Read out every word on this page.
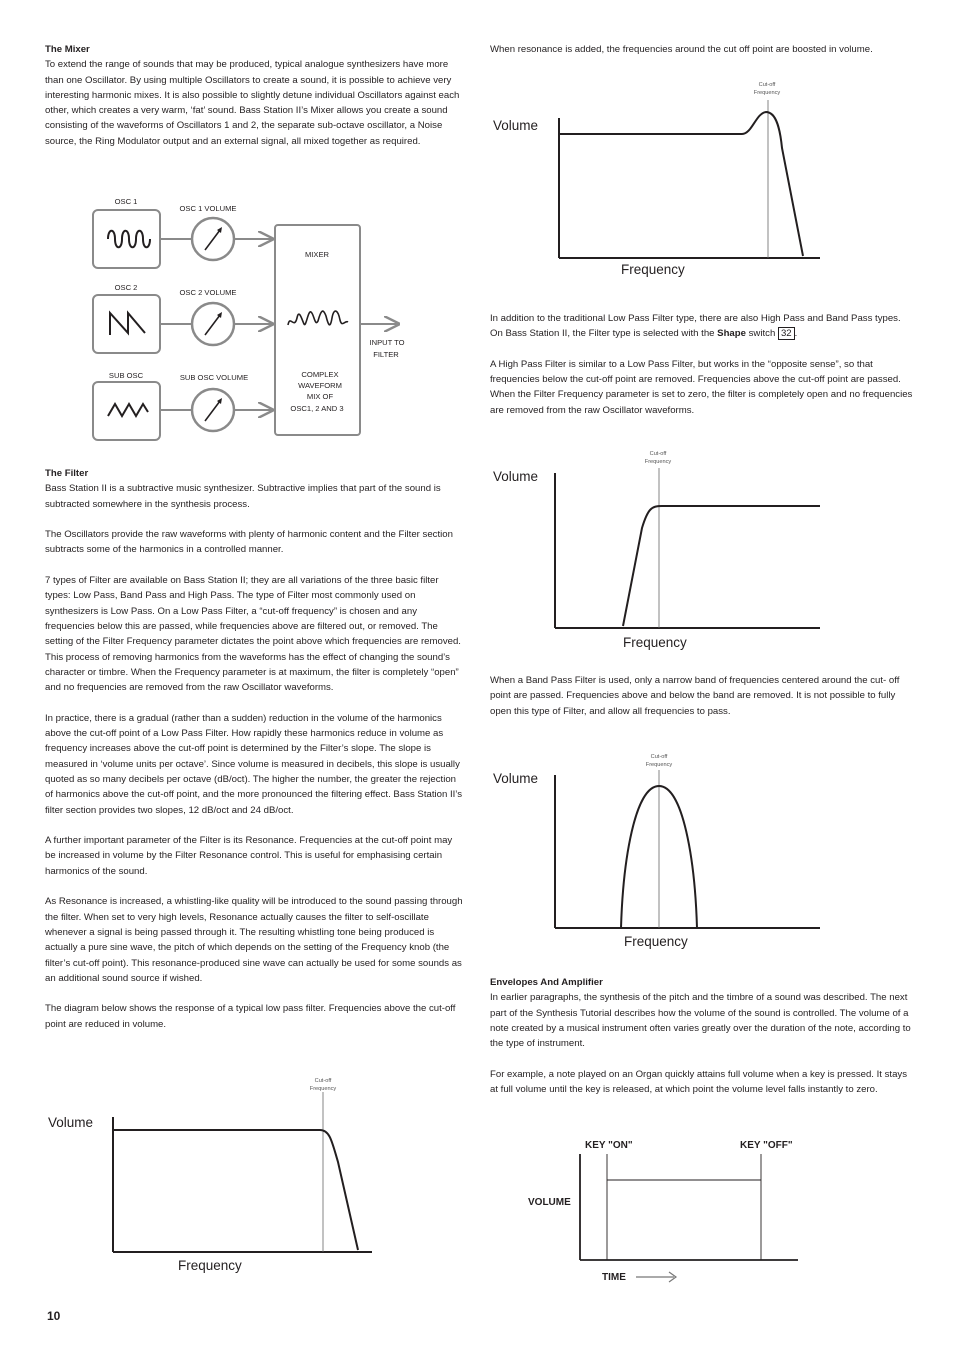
The Mixer

To extend the range of sounds that may be produced, typical analogue synthesizers have more than one Oscillator. By using multiple Oscillators to create a sound, it is possible to achieve very interesting harmonic mixes. It is also possible to slightly detune individual Oscillators against each other, which creates a very warm, ‘fat’ sound. Bass Station II’s Mixer allows you create a sound consisting of the waveforms of Oscillators 1 and 2, the separate sub-octave oscillator, a Noise source, the Ring Modulator output and an external signal, all mixed together as required.

OSC 1
OSC 1 VOLUME
OSC 2
OSC 2 VOLUME
SUB OSC	SUB OSC VOLUME
MIXER
COMPLEX
WAVEFORM
MIX OF
OSC1, 2 AND 3
INPUT TO
FILTER
The Filter

Bass Station II is a subtractive music synthesizer. Subtractive implies that part of the sound is subtracted somewhere in the synthesis process.

The Oscillators provide the raw waveforms with plenty of harmonic content and the Filter section subtracts some of the harmonics in a controlled manner.

7 types of Filter are available on Bass Station II; they are all variations of the three basic filter types: Low Pass, Band Pass and High Pass. The type of Filter most commonly used on synthesizers is Low Pass. On a Low Pass Filter, a “cut-off frequency” is chosen and any frequencies below this are passed, while frequencies above are filtered out, or removed. The setting of the Filter Frequency parameter dictates the point above which frequencies are removed. This process of removing harmonics from the waveforms has the effect of changing the sound’s character or timbre. When the Frequency parameter is at maximum, the filter is completely “open” and no frequencies are removed from the raw Oscillator waveforms.

In practice, there is a gradual (rather than a sudden) reduction in the volume of the harmonics above the cut-off point of a Low Pass Filter. How rapidly these harmonics reduce in volume as frequency increases above the cut-off point is determined by the Filter’s slope. The slope is measured in ‘volume units per octave’. Since volume is measured in decibels, this slope is usually quoted as so many decibels per octave (dB/oct). The higher the number, the greater the rejection of harmonics above the cut-off point, and the more pronounced the filtering effect. Bass Station II’s filter section provides two slopes, 12 dB/oct and 24 dB/oct.

A further important parameter of the Filter is its Resonance. Frequencies at the cut-off point may be increased in volume by the Filter Resonance control. This is useful for emphasising certain harmonics of the sound.

As Resonance is increased, a whistling-like quality will be introduced to the sound passing through the filter. When set to very high levels, Resonance actually causes the filter to self-oscillate whenever a signal is being passed through it. The resulting whistling tone being produced is actually a pure sine wave, the pitch of which depends on the setting of the Frequency knob (the filter’s cut-off point). This resonance-produced sine wave can actually be used for some sounds as an additional sound source if wished.

The diagram below shows the response of a typical low pass filter. Frequencies above the cut-off point are reduced in volume.

Cut-off
Frequency
Volume
Frequency

When resonance is added, the frequencies around the cut off point are boosted in volume.

Cut-off
Frequency
Volume
Frequency

In addition to the traditional Low Pass Filter type, there are also High Pass and Band Pass types. On Bass Station II, the Filter type is selected with the Shape switch 32 .

A High Pass Filter is similar to a Low Pass Filter, but works in the “opposite sense”, so that frequencies below the cut-off point are removed. Frequencies above the cut-off point are passed. When the Filter Frequency parameter is set to zero, the filter is completely open and no frequencies are removed from the raw Oscillator waveforms.

Cut-off
Frequency
Volume
Frequency

When a Band Pass Filter is used, only a narrow band of frequencies centered around the cut- off point are passed. Frequencies above and below the band are removed. It is not possible to fully open this type of Filter, and allow all frequencies to pass.

Cut-off
Frequency
Volume
Frequency
Envelopes And Amplifier

In earlier paragraphs, the synthesis of the pitch and the timbre of a sound was described. The next part of the Synthesis Tutorial describes how the volume of the sound is controlled. The volume of a note created by a musical instrument often varies greatly over the duration of the note, according to the type of instrument.

For example, a note played on an Organ quickly attains full volume when a key is pressed. It stays at full volume until the key is released, at which point the volume level falls instantly to zero.

KEY "ON"	KEY "OFF"
VOLUME
TIME
10
